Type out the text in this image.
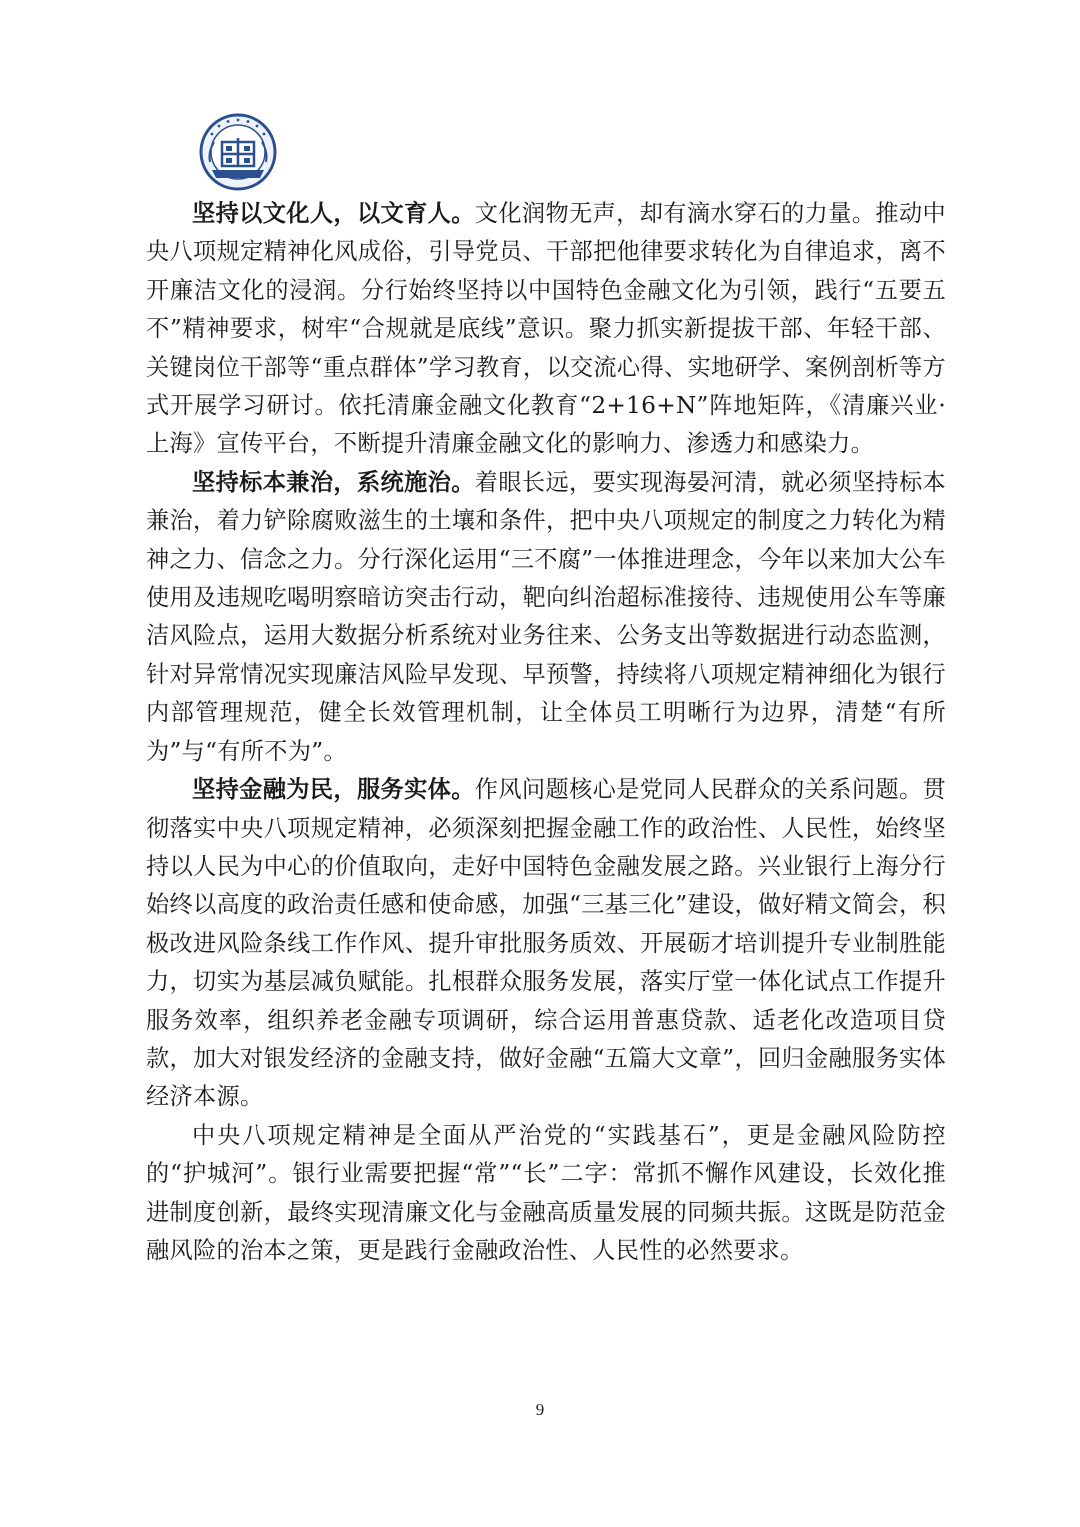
坚持以文化人，以文育人。文化润物无声，却有滴水穿石的力量。推动中央八项规定精神化风成俗，引导党员、干部把他律要求转化为自律追求，离不开廉洁文化的浸润。分行始终坚持以中国特色金融文化为引领，践行“五要五不”精神要求，树牢“合规就是底线”意识。聚力抓实新提拔干部、年轻干部、关键岗位干部等“重点群体”学习教育，以交流心得、实地研学、案例剖析等方式开展学习研讨。依托清廉金融文化教育“2+16+N”阵地矩阵，《清廉兴业·上海》宣传平台，不断提升清廉金融文化的影响力、渗透力和感染力。

坚持标本兼治，系统施治。着眼长远，要实现海晏河清，就必须坚持标本兼治，着力铲除腐败滋生的土壤和条件，把中央八项规定的制度之力转化为精神之力、信念之力。分行深化运用“三不腐”一体推进理念，今年以来加大公车使用及违规吃喝明察暗访突击行动，靶向纠治超标准接待、违规使用公车等廉洁风险点，运用大数据分析系统对业务往来、公务支出等数据进行动态监测，针对异常情况实现廉洁风险早发现、早预警，持续将八项规定精神细化为银行内部管理规范，健全长效管理机制，让全体员工明晰行为边界，清楚“有所为”与“有所不为”。

坚持金融为民，服务实体。作风问题核心是党同人民群众的关系问题。贯彻落实中央八项规定精神，必须深刻把握金融工作的政治性、人民性，始终坚持以人民为中心的价值取向，走好中国特色金融发展之路。兴业银行上海分行始终以高度的政治责任感和使命感，加强“三基三化”建设，做好精文简会，积极改进风险条线工作作风、提升审批服务质效、开展砺才培训提升专业制胜能力，切实为基层减负赋能。扎根群众服务发展，落实厅堂一体化试点工作提升服务效率，组织养老金融专项调研，综合运用普惠贷款、适老化改造项目贷款，加大对银发经济的金融支持，做好金融“五篇大文章”，回归金融服务实体经济本源。

中央八项规定精神是全面从严治党的“实践基石”，更是金融风险防控的“护城河”。银行业需要把握“常”“长”二字：常抓不懈作风建设，长效化推进制度创新，最终实现清廉文化与金融高质量发展的同频共振。这既是防范金融风险的治本之策，更是践行金融政治性、人民性的必然要求。

9
